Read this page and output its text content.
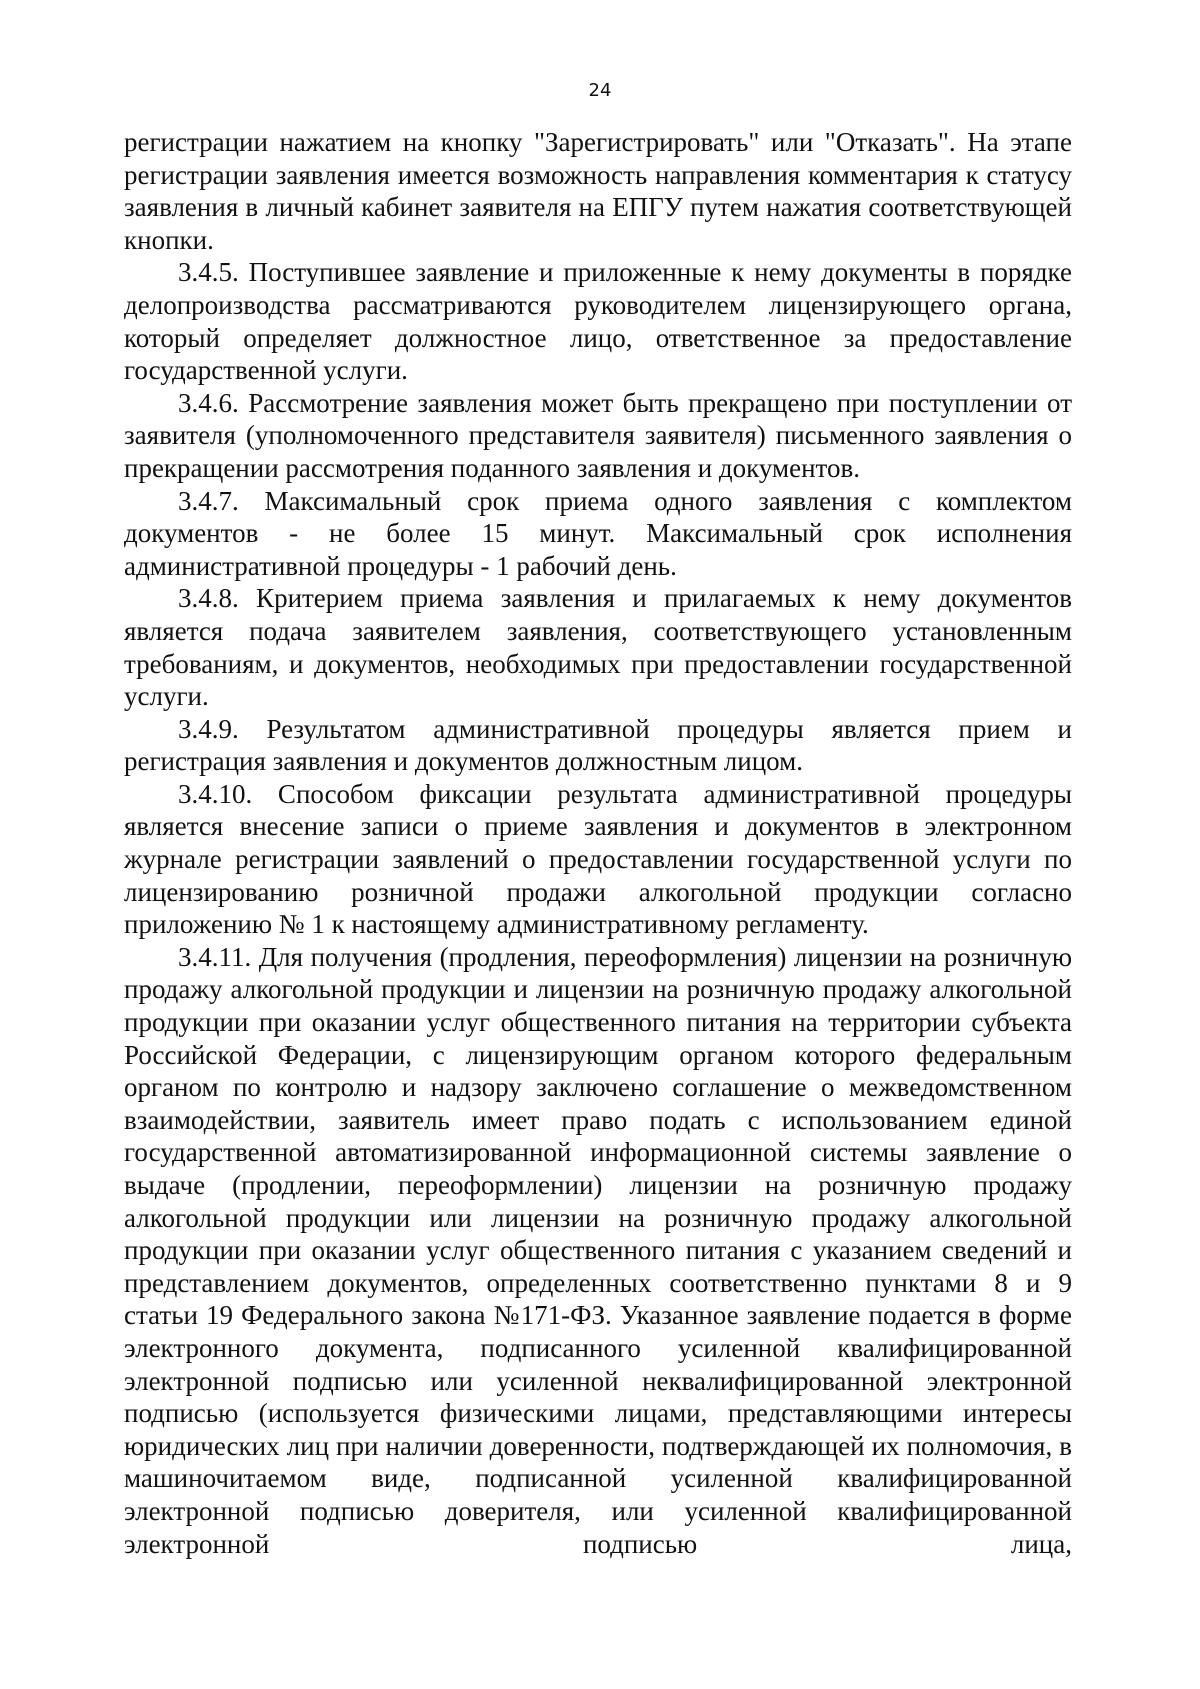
24

регистрации нажатием на кнопку "Зарегистрировать" или "Отказать". На этапе регистрации заявления имеется возможность направления комментария к статусу заявления в личный кабинет заявителя на ЕПГУ путем нажатия соответствующей кнопки.

3.4.5. Поступившее заявление и приложенные к нему документы в порядке делопроизводства рассматриваются руководителем лицензирующего органа, который определяет должностное лицо, ответственное за предоставление государственной услуги.

3.4.6. Рассмотрение заявления может быть прекращено при поступлении от заявителя (уполномоченного представителя заявителя) письменного заявления о прекращении рассмотрения поданного заявления и документов.

3.4.7. Максимальный срок приема одного заявления с комплектом документов - не более 15 минут. Максимальный срок исполнения административной процедуры - 1 рабочий день.

3.4.8. Критерием приема заявления и прилагаемых к нему документов является подача заявителем заявления, соответствующего установленным требованиям, и документов, необходимых при предоставлении государственной услуги.

3.4.9. Результатом административной процедуры является прием и регистрация заявления и документов должностным лицом.

3.4.10. Способом фиксации результата административной процедуры является внесение записи о приеме заявления и документов в электронном журнале регистрации заявлений о предоставлении государственной услуги по лицензированию розничной продажи алкогольной продукции согласно приложению № 1 к настоящему административному регламенту.

3.4.11. Для получения (продления, переоформления) лицензии на розничную продажу алкогольной продукции и лицензии на розничную продажу алкогольной продукции при оказании услуг общественного питания на территории субъекта Российской Федерации, с лицензирующим органом которого федеральным органом по контролю и надзору заключено соглашение о межведомственном взаимодействии, заявитель имеет право подать с использованием единой государственной автоматизированной информационной системы заявление о выдаче (продлении, переоформлении) лицензии на розничную продажу алкогольной продукции или лицензии на розничную продажу алкогольной продукции при оказании услуг общественного питания с указанием сведений и представлением документов, определенных соответственно пунктами 8 и 9 статьи 19 Федерального закона №171-ФЗ. Указанное заявление подается в форме электронного документа, подписанного усиленной квалифицированной электронной подписью или усиленной неквалифицированной электронной подписью (используется физическими лицами, представляющими интересы юридических лиц при наличии доверенности, подтверждающей их полномочия, в машиночитаемом виде, подписанной усиленной квалифицированной электронной подписью доверителя, или усиленной квалифицированной электронной подписью лица,
